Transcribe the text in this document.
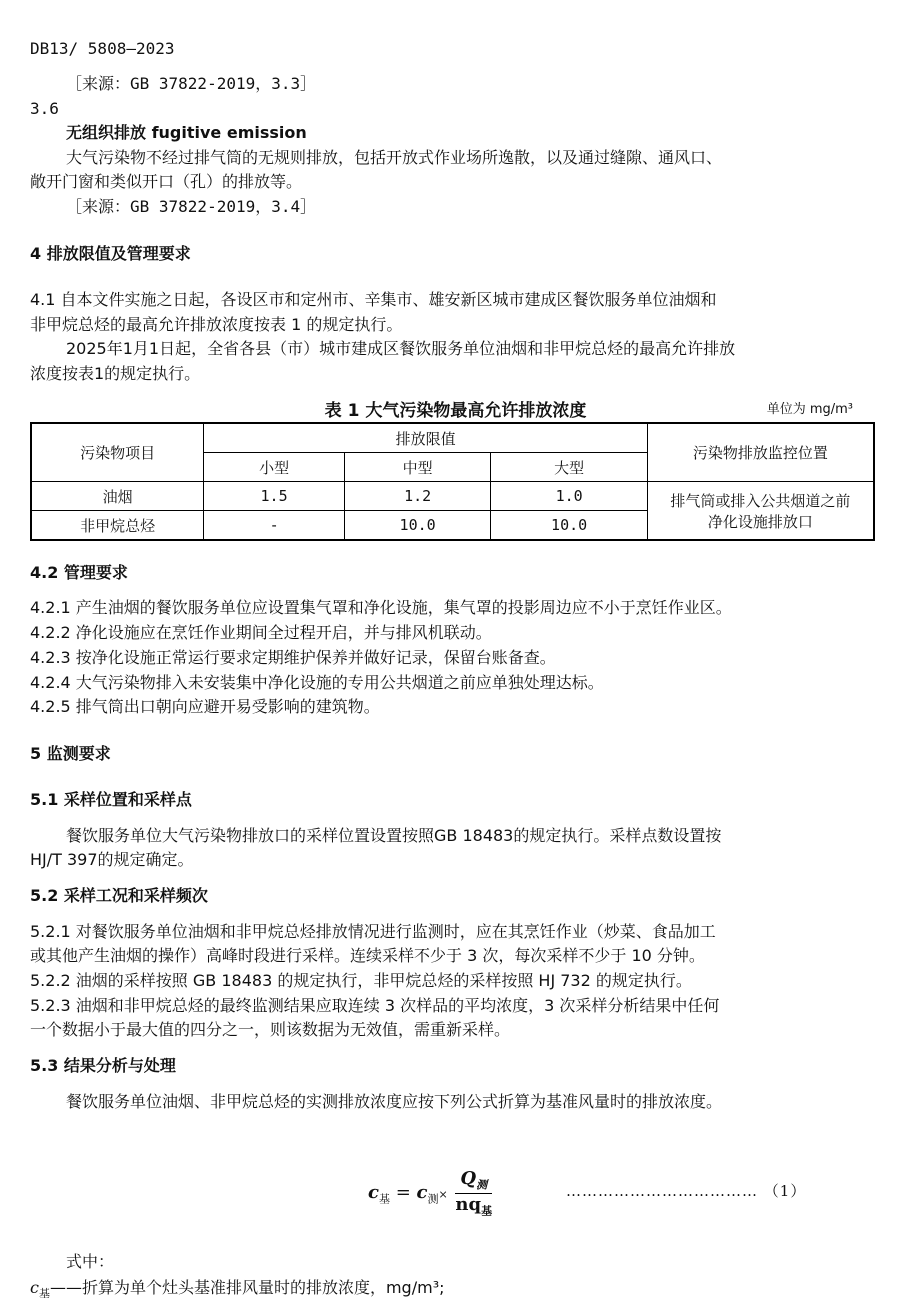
DB13/ 5808—2023
［来源：GB 37822-2019，3.3］
3.6
无组织排放 fugitive emission
大气污染物不经过排气筒的无规则排放，包括开放式作业场所逸散，以及通过缝隙、通风口、
敞开门窗和类似开口（孔）的排放等。
［来源：GB 37822-2019，3.4］
4 排放限值及管理要求
4.1 自本文件实施之日起，各设区市和定州市、辛集市、雄安新区城市建成区餐饮服务单位油烟和
非甲烷总烃的最高允许排放浓度按表 1 的规定执行。
2025年1月1日起，全省各县（市）城市建成区餐饮服务单位油烟和非甲烷总烃的最高允许排放
浓度按表1的规定执行。
表 1 大气污染物最高允许排放浓度	单位为 mg/m³
污染物项目	排放限值			污染物排放监控位置
	小型	中型	大型	
油烟	1.5	1.2	1.0	排气筒或排入公共烟道之前
净化设施排放口

非甲烷总烃	-	10.0	10.0	
4.2 管理要求
4.2.1 产生油烟的餐饮服务单位应设置集气罩和净化设施，集气罩的投影周边应不小于烹饪作业区。
4.2.2 净化设施应在烹饪作业期间全过程开启，并与排风机联动。
4.2.3 按净化设施正常运行要求定期维护保养并做好记录，保留台账备查。
4.2.4 大气污染物排入未安装集中净化设施的专用公共烟道之前应单独处理达标。
4.2.5 排气筒出口朝向应避开易受影响的建筑物。
5 监测要求
5.1 采样位置和采样点
餐饮服务单位大气污染物排放口的采样位置设置按照GB 18483的规定执行。采样点数设置按
HJ/T 397的规定确定。
5.2 采样工况和采样频次
5.2.1 对餐饮服务单位油烟和非甲烷总烃排放情况进行监测时，应在其烹饪作业（炒菜、食品加工
或其他产生油烟的操作）高峰时段进行采样。连续采样不少于 3 次，每次采样不少于 10 分钟。
5.2.2 油烟的采样按照 GB 18483 的规定执行，非甲烷总烃的采样按照 HJ 732 的规定执行。
5.2.3 油烟和非甲烷总烃的最终监测结果应取连续 3 次样品的平均浓度，3 次采样分析结果中任何
一个数据小于最大值的四分之一，则该数据为无效值，需重新采样。
5.3 结果分析与处理
餐饮服务单位油烟、非甲烷总烃的实测排放浓度应按下列公式折算为基准风量时的排放浓度。
$c_基 = c_测\times \frac{Q_测}{nq_基}$	……………………………… （1）
式中：
$c_基——$折算为单个灶头基准排风量时的排放浓度，mg/m³;
